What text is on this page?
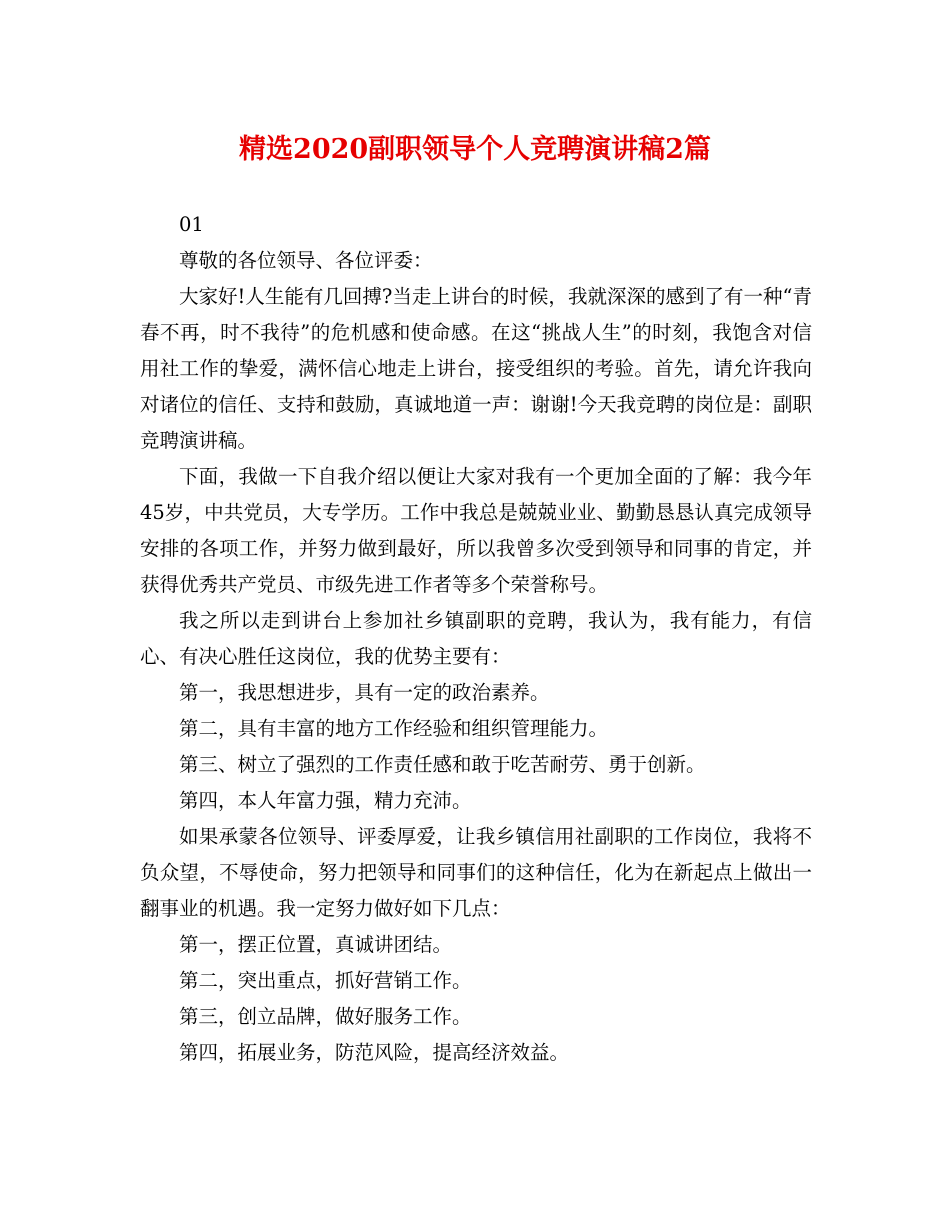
精选2020副职领导个人竞聘演讲稿2篇

01

尊敬的各位领导、各位评委：

大家好!人生能有几回搏?当走上讲台的时候，我就深深的感到了有一种“青春不再，时不我待”的危机感和使命感。在这“挑战人生”的时刻，我饱含对信用社工作的挚爱，满怀信心地走上讲台，接受组织的考验。首先，请允许我向对诸位的信任、支持和鼓励，真诚地道一声：谢谢!今天我竞聘的岗位是：副职竞聘演讲稿。

下面，我做一下自我介绍以便让大家对我有一个更加全面的了解：我今年45岁，中共党员，大专学历。工作中我总是兢兢业业、勤勤恳恳认真完成领导安排的各项工作，并努力做到最好，所以我曾多次受到领导和同事的肯定，并获得优秀共产党员、市级先进工作者等多个荣誉称号。

我之所以走到讲台上参加社乡镇副职的竞聘，我认为，我有能力，有信心、有决心胜任这岗位，我的优势主要有：

第一，我思想进步，具有一定的政治素养。

第二，具有丰富的地方工作经验和组织管理能力。

第三、树立了强烈的工作责任感和敢于吃苦耐劳、勇于创新。

第四，本人年富力强，精力充沛。

如果承蒙各位领导、评委厚爱，让我乡镇信用社副职的工作岗位，我将不负众望，不辱使命，努力把领导和同事们的这种信任，化为在新起点上做出一翻事业的机遇。我一定努力做好如下几点：

第一，摆正位置，真诚讲团结。

第二，突出重点，抓好营销工作。

第三，创立品牌，做好服务工作。

第四，拓展业务，防范风险，提高经济效益。
